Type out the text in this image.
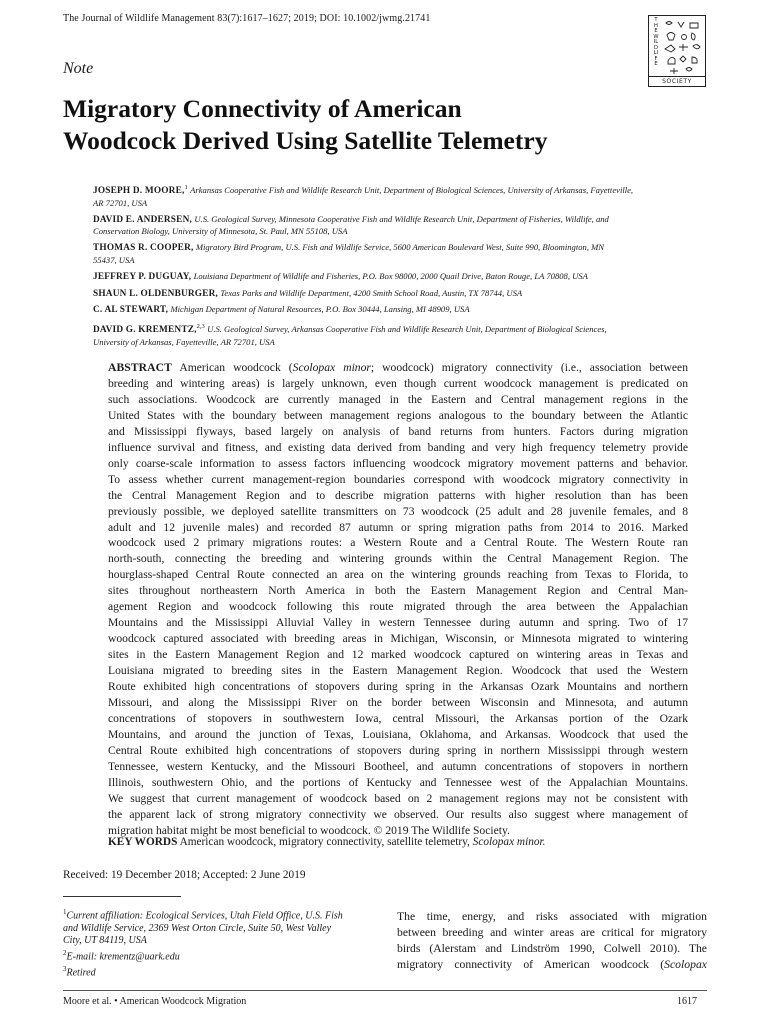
The Journal of Wildlife Management 83(7):1617–1627; 2019; DOI: 10.1002/jwmg.21741	THE WILDLIFE
SOCIETY
Note
Migratory Connectivity of American
Woodcock Derived Using Satellite Telemetry
JOSEPH D. MOORE,$^1$ Arkansas Cooperative Fish and Wildlife Research Unit, Department of Biological Sciences, University of Arkansas, Fayetteville,
AR 72701, USA
DAVID E. ANDERSEN, U.S. Geological Survey, Minnesota Cooperative Fish and Wildlife Research Unit, Department of Fisheries, Wildlife, and
Conservation Biology, University of Minnesota, St. Paul, MN 55108, USA
THOMAS R. COOPER, Migratory Bird Program, U.S. Fish and Wildlife Service, 5600 American Boulevard West, Suite 990, Bloomington, MN
55437, USA
JEFFREY P. DUGUAY, Louisiana Department of Wildlife and Fisheries, P.O. Box 98000, 2000 Quail Drive, Baton Rouge, LA 70808, USA
SHAUN L. OLDENBURGER, Texas Parks and Wildlife Department, 4200 Smith School Road, Austin, TX 78744, USA
C. AL STEWART, Michigan Department of Natural Resources, P.O. Box 30444, Lansing, MI 48909, USA
DAVID G. KREMENTZ,$^{2,3}$ U.S. Geological Survey, Arkansas Cooperative Fish and Wildlife Research Unit, Department of Biological Sciences,
University of Arkansas, Fayetteville, AR 72701, USA
ABSTRACT American woodcock (Scolopax minor; woodcock) migratory connectivity (i.e., association between
breeding and wintering areas) is largely unknown, even though current woodcock management is predicated on
such associations. Woodcock are currently managed in the Eastern and Central management regions in the
United States with the boundary between management regions analogous to the boundary between the Atlantic
and Mississippi flyways, based largely on analysis of band returns from hunters. Factors during migration
influence survival and fitness, and existing data derived from banding and very high frequency telemetry provide
only coarse-scale information to assess factors influencing woodcock migratory movement patterns and behavior.
To assess whether current management-region boundaries correspond with woodcock migratory connectivity in
the Central Management Region and to describe migration patterns with higher resolution than has been
previously possible, we deployed satellite transmitters on 73 woodcock (25 adult and 28 juvenile females, and 8
adult and 12 juvenile males) and recorded 87 autumn or spring migration paths from 2014 to 2016. Marked
woodcock used 2 primary migrations routes: a Western Route and a Central Route. The Western Route ran
north-south, connecting the breeding and wintering grounds within the Central Management Region. The
hourglass-shaped Central Route connected an area on the wintering grounds reaching from Texas to Florida, to
sites throughout northeastern North America in both the Eastern Management Region and Central Man-
agement Region and woodcock following this route migrated through the area between the Appalachian
Mountains and the Mississippi Alluvial Valley in western Tennessee during autumn and spring. Two of 17
woodcock captured associated with breeding areas in Michigan, Wisconsin, or Minnesota migrated to wintering
sites in the Eastern Management Region and 12 marked woodcock captured on wintering areas in Texas and
Louisiana migrated to breeding sites in the Eastern Management Region. Woodcock that used the Western
Route exhibited high concentrations of stopovers during spring in the Arkansas Ozark Mountains and northern
Missouri, and along the Mississippi River on the border between Wisconsin and Minnesota, and autumn
concentrations of stopovers in southwestern Iowa, central Missouri, the Arkansas portion of the Ozark
Mountains, and around the junction of Texas, Louisiana, Oklahoma, and Arkansas. Woodcock that used the
Central Route exhibited high concentrations of stopovers during spring in northern Mississippi through western
Tennessee, western Kentucky, and the Missouri Bootheel, and autumn concentrations of stopovers in northern
Illinois, southwestern Ohio, and the portions of Kentucky and Tennessee west of the Appalachian Mountains.
We suggest that current management of woodcock based on 2 management regions may not be consistent with
the apparent lack of strong migratory connectivity we observed. Our results also suggest where management of
migration habitat might be most beneficial to woodcock. © 2019 The Wildlife Society.
KEY WORDS American woodcock, migratory connectivity, satellite telemetry, Scolopax minor.
Received: 19 December 2018; Accepted: 2 June 2019
$^1$Current affiliation: Ecological Services, Utah Field Office, U.S. Fish
and Wildlife Service, 2369 West Orton Circle, Suite 50, West Valley
City, UT 84119, USA
$^2$E-mail: krementz@uark.edu
$^3$Retired
The time, energy, and risks associated with migration
between breeding and winter areas are critical for migratory
birds (Alerstam and Lindström 1990, Colwell 2010). The
migratory connectivity of American woodcock (Scolopax
Moore et al. • American Woodcock Migration	1617
